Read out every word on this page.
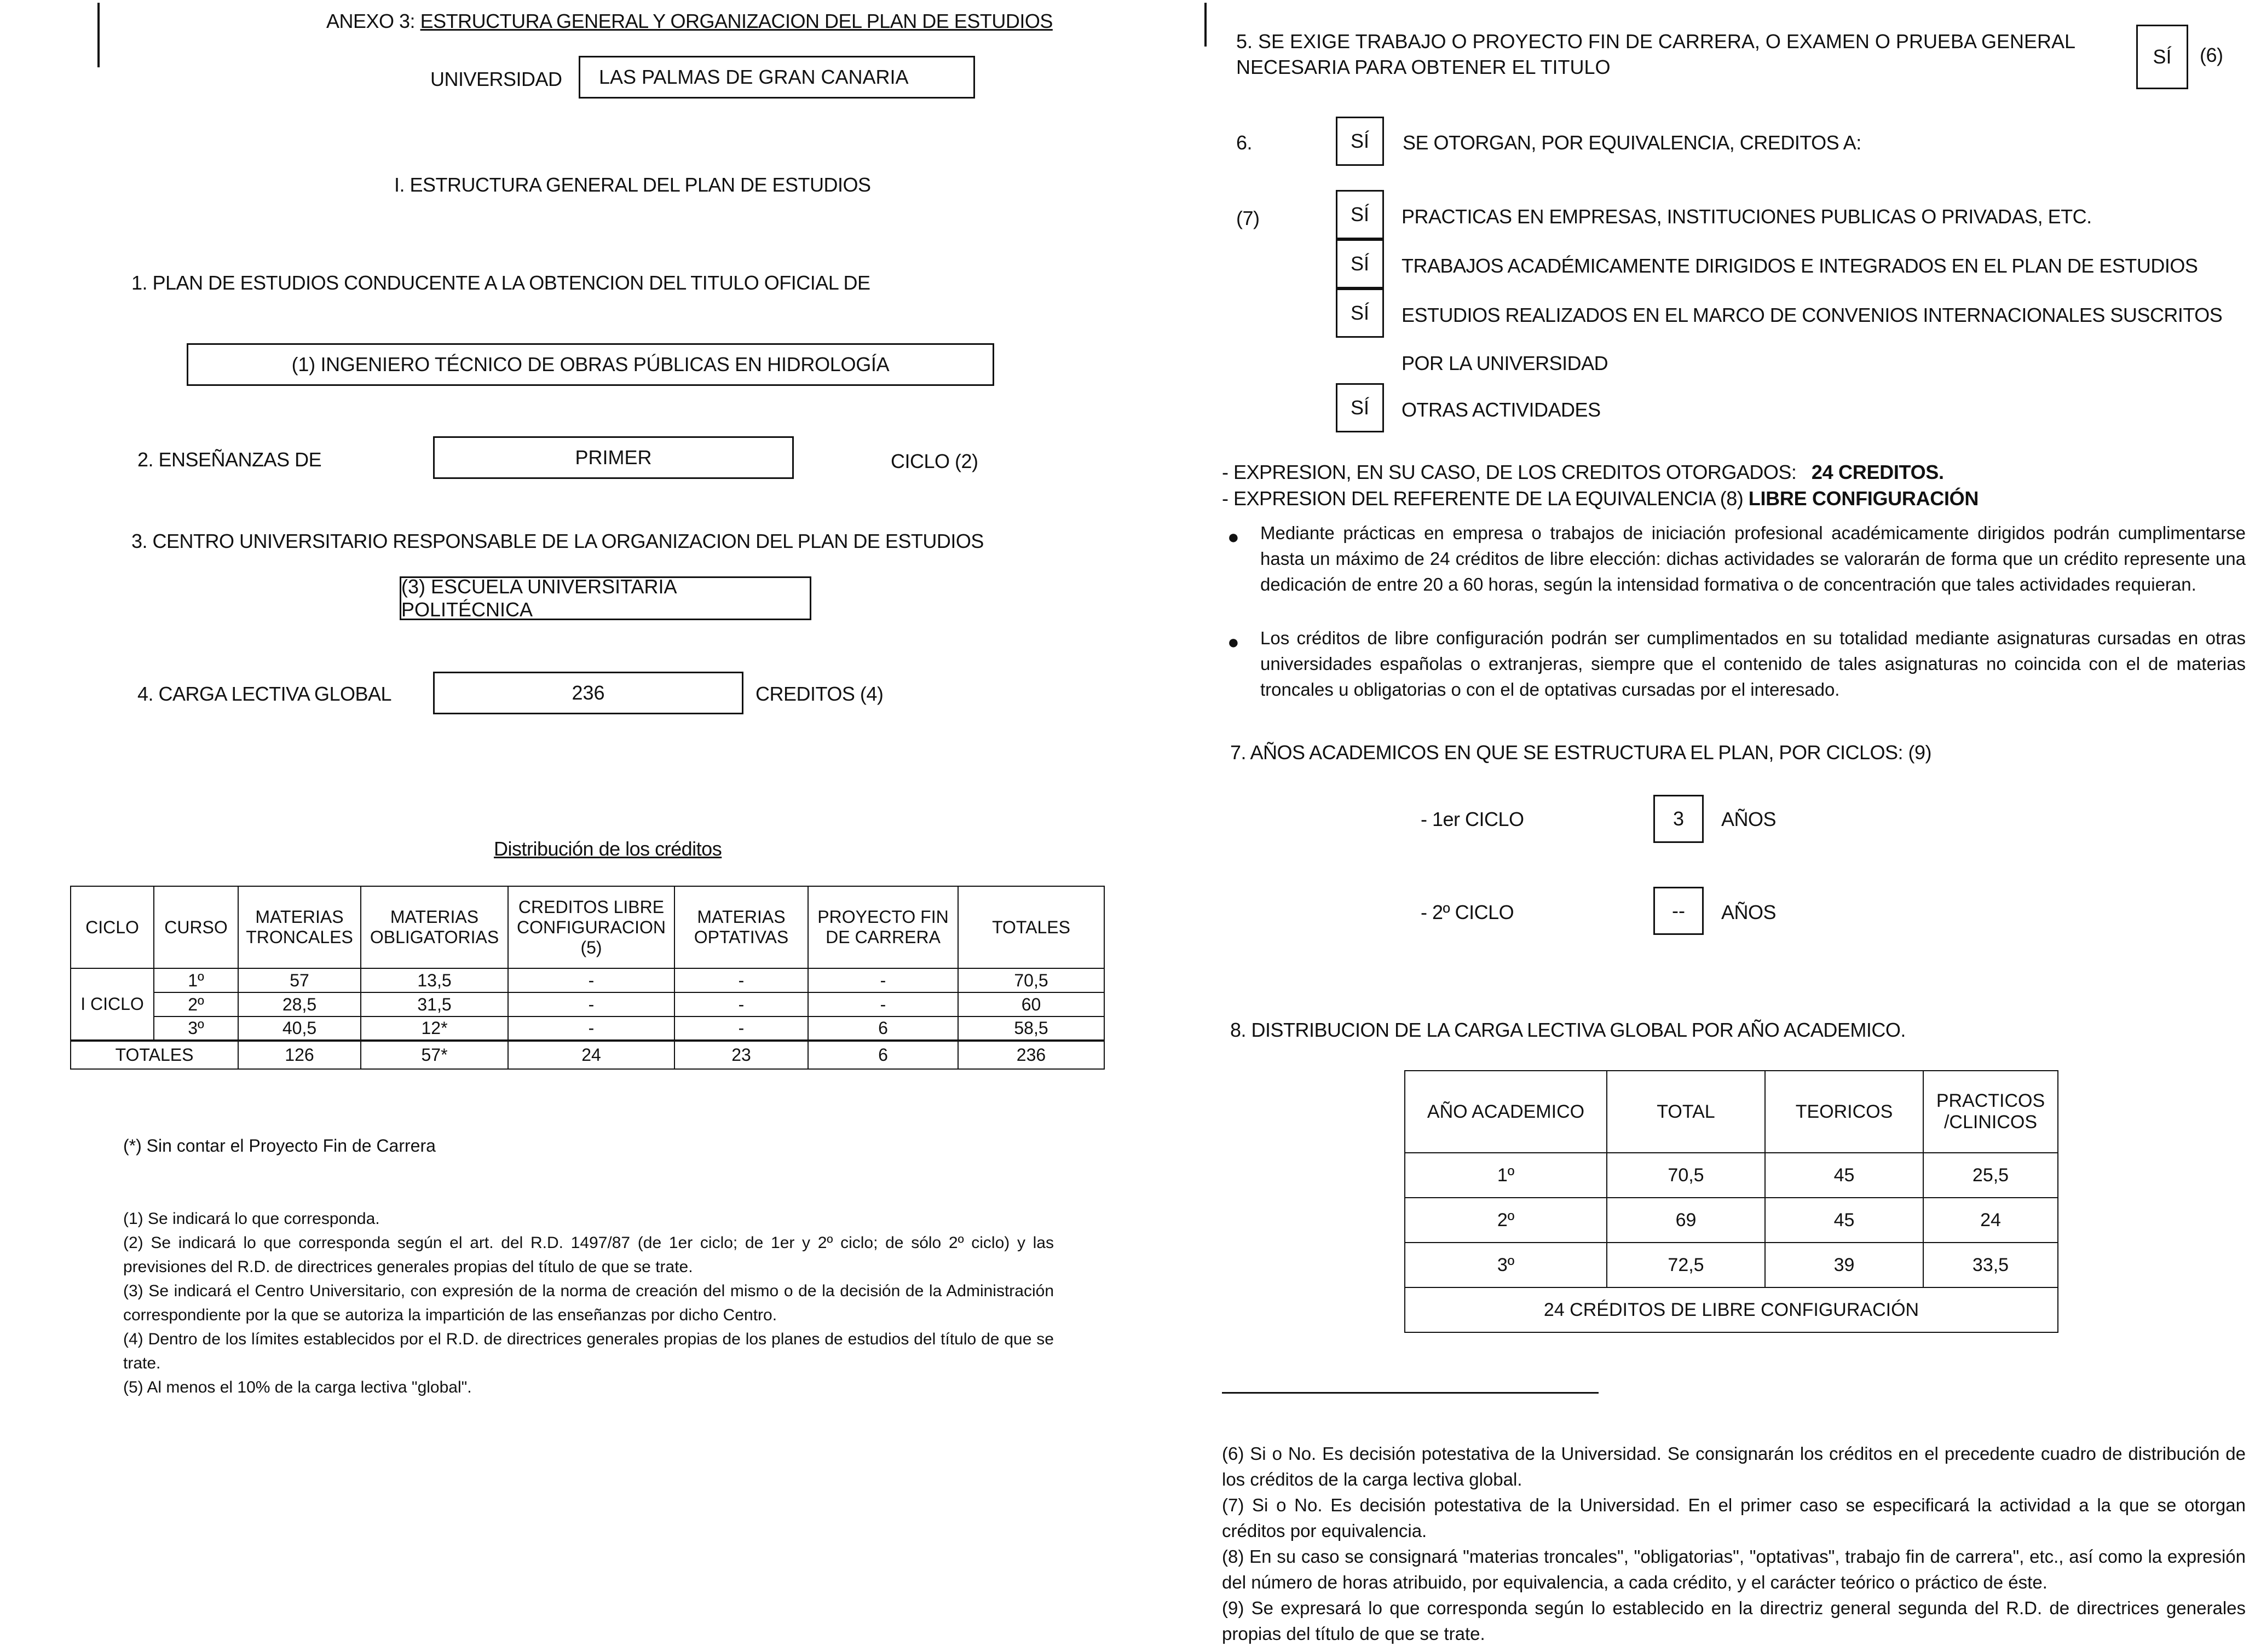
ANEXO 3: ESTRUCTURA GENERAL Y ORGANIZACION DEL PLAN DE ESTUDIOS
UNIVERSIDAD LAS PALMAS DE GRAN CANARIA
I. ESTRUCTURA GENERAL DEL PLAN DE ESTUDIOS
1. PLAN DE ESTUDIOS CONDUCENTE A LA OBTENCION DEL TITULO OFICIAL DE
(1) INGENIERO TÉCNICO DE OBRAS PÚBLICAS EN HIDROLOGÍA
2. ENSEÑANZAS DE	PRIMER	CICLO (2)
3. CENTRO UNIVERSITARIO RESPONSABLE DE LA ORGANIZACION DEL PLAN DE ESTUDIOS
(3) ESCUELA UNIVERSITARIA POLITÉCNICA
4. CARGA LECTIVA GLOBAL	236	CREDITOS (4)
Distribución de los créditos
CICLO	CURSO	MATERIAS TRONCALES	MATERIAS OBLIGATORIAS	CREDITOS LIBRE CONFIGURACION (5)	MATERIAS OPTATIVAS	PROYECTO FIN DE CARRERA	TOTALES
I CICLO	1º	57	13,5	-	-	-	70,5
	2º	28,5	31,5	-	-	-	60
	3º	40,5	12*	-	-	6	58,5
TOTALES		126	57*	24	23	6	236
(*) Sin contar el Proyecto Fin de Carrera
(1) Se indicará lo que corresponda.
(2) Se indicará lo que corresponda según el art. del R.D. 1497/87 (de 1er ciclo; de 1er y 2º ciclo; de sólo 2º ciclo) y las previsiones del R.D. de directrices generales propias del título de que se trate.
(3) Se indicará el Centro Universitario, con expresión de la norma de creación del mismo o de la decisión de la Administración correspondiente por la que se autoriza la impartición de las enseñanzas por dicho Centro.
(4) Dentro de los límites establecidos por el R.D. de directrices generales propias de los planes de estudios del título de que se trate.
(5) Al menos el 10% de la carga lectiva "global".
5. SE EXIGE TRABAJO O PROYECTO FIN DE CARRERA, O EXAMEN O PRUEBA GENERAL NECESARIA PARA OBTENER EL TITULO	SÍ (6)
6.	SÍ SE OTORGAN, POR EQUIVALENCIA, CREDITOS A:
(7)	SÍ PRACTICAS EN EMPRESAS, INSTITUCIONES PUBLICAS O PRIVADAS, ETC.
SÍ TRABAJOS ACADÉMICAMENTE DIRIGIDOS E INTEGRADOS EN EL PLAN DE ESTUDIOS
SÍ ESTUDIOS REALIZADOS EN EL MARCO DE CONVENIOS INTERNACIONALES SUSCRITOS
POR LA UNIVERSIDAD
SÍ OTRAS ACTIVIDADES
- EXPRESION, EN SU CASO, DE LOS CREDITOS OTORGADOS: 24 CREDITOS.
- EXPRESION DEL REFERENTE DE LA EQUIVALENCIA (8) LIBRE CONFIGURACIÓN
● Mediante prácticas en empresa o trabajos de iniciación profesional académicamente dirigidos podrán cumplimentarse hasta un máximo de 24 créditos de libre elección: dichas actividades se valorarán de forma que un crédito represente una dedicación de entre 20 a 60 horas, según la intensidad formativa o de concentración que tales actividades requieran.
● Los créditos de libre configuración podrán ser cumplimentados en su totalidad mediante asignaturas cursadas en otras universidades españolas o extranjeras, siempre que el contenido de tales asignaturas no coincida con el de materias troncales u obligatorias o con el de optativas cursadas por el interesado.
7. AÑOS ACADEMICOS EN QUE SE ESTRUCTURA EL PLAN, POR CICLOS: (9)
- 1er CICLO	3 AÑOS
- 2º CICLO	-- AÑOS
8. DISTRIBUCION DE LA CARGA LECTIVA GLOBAL POR AÑO ACADEMICO.
AÑO ACADEMICO	TOTAL	TEORICOS	PRACTICOS /CLINICOS
1º	70,5	45	25,5
2º	69	45	24
3º	72,5	39	33,5
24 CRÉDITOS DE LIBRE CONFIGURACIÓN			
(6) Si o No. Es decisión potestativa de la Universidad. Se consignarán los créditos en el precedente cuadro de distribución de los créditos de la carga lectiva global.
(7) Si o No. Es decisión potestativa de la Universidad. En el primer caso se especificará la actividad a la que se otorgan créditos por equivalencia.
(8) En su caso se consignará "materias troncales", "obligatorias", "optativas", trabajo fin de carrera", etc., así como la expresión del número de horas atribuido, por equivalencia, a cada crédito, y el carácter teórico o práctico de éste.
(9) Se expresará lo que corresponda según lo establecido en la directriz general segunda del R.D. de directrices generales propias del título de que se trate.
